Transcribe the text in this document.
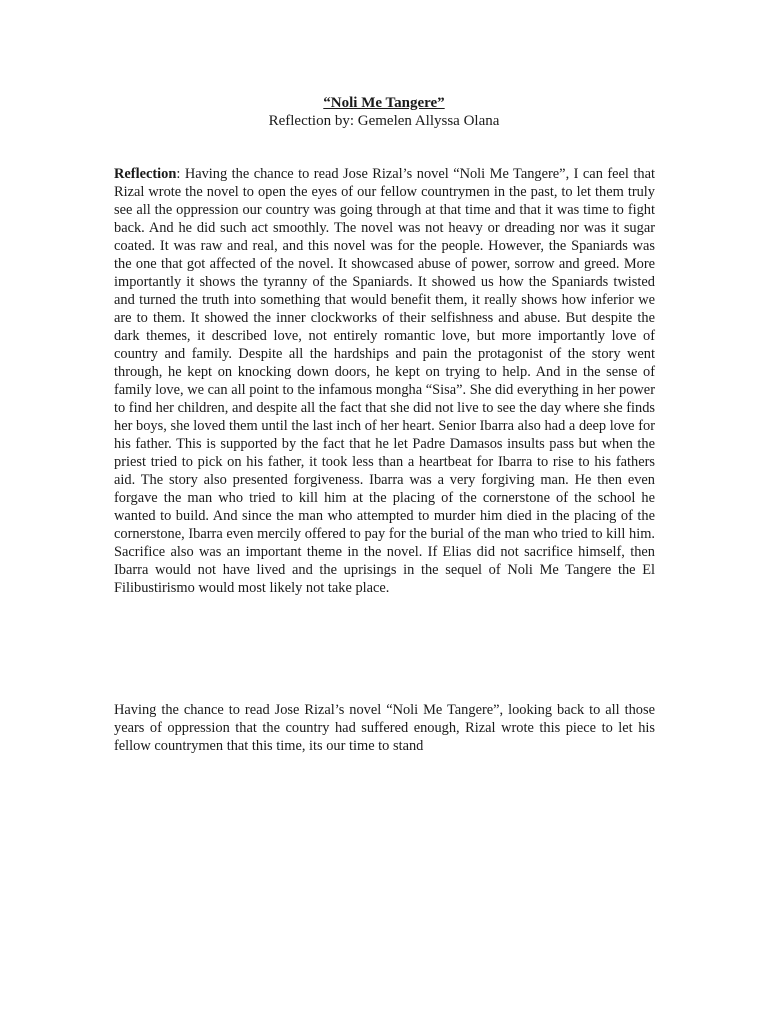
“Noli Me Tangere”
Reflection by: Gemelen Allyssa Olana

Reflection: Having the chance to read Jose Rizal’s novel “Noli Me Tangere”, I can feel that Rizal wrote the novel to open the eyes of our fellow countrymen in the past, to let them truly see all the oppression our country was going through at that time and that it was time to fight back. And he did such act smoothly. The novel was not heavy or dreading nor was it sugar coated. It was raw and real, and this novel was for the people. However, the Spaniards was the one that got affected of the novel. It showcased abuse of power, sorrow and greed. More importantly it shows the tyranny of the Spaniards. It showed us how the Spaniards twisted and turned the truth into something that would benefit them, it really shows how inferior we are to them. It showed the inner clockworks of their selfishness and abuse. But despite the dark themes, it described love, not entirely romantic love, but more importantly love of country and family. Despite all the hardships and pain the protagonist of the story went through, he kept on knocking down doors, he kept on trying to help. And in the sense of family love, we can all point to the infamous mongha “Sisa”. She did everything in her power to find her children, and despite all the fact that she did not live to see the day where she finds her boys, she loved them until the last inch of her heart. Senior Ibarra also had a deep love for his father. This is supported by the fact that he let Padre Damasos insults pass but when the priest tried to pick on his father, it took less than a heartbeat for Ibarra to rise to his fathers aid. The story also presented forgiveness. Ibarra was a very forgiving man. He then even forgave the man who tried to kill him at the placing of the cornerstone of the school he wanted to build. And since the man who attempted to murder him died in the placing of the cornerstone, Ibarra even mercily offered to pay for the burial of the man who tried to kill him. Sacrifice also was an important theme in the novel. If Elias did not sacrifice himself, then Ibarra would not have lived and the uprisings in the sequel of Noli Me Tangere the El Filibustirismo would most likely not take place.

Having the chance to read Jose Rizal’s novel “Noli Me Tangere”, looking back to all those years of oppression that the country had suffered enough, Rizal wrote this piece to let his fellow countrymen that this time, its our time to stand
